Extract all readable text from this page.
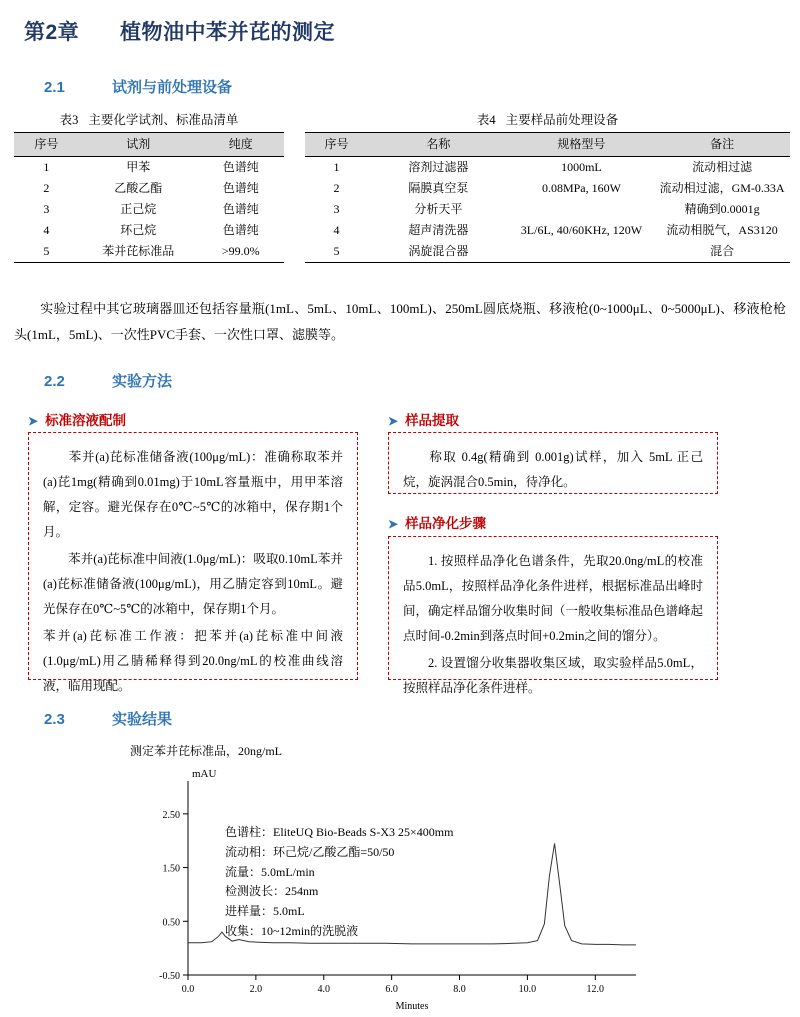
第2章 植物油中苯并芘的测定
2.1	试剂与前处理设备
表3 主要化学试剂、标准品清单
序号	试剂	纯度
1	甲苯	色谱纯
2	乙酸乙酯	色谱纯
3	正己烷	色谱纯
4	环己烷	色谱纯
5	苯并芘标准品	>99.0%
表4 主要样品前处理设备
序号	名称	规格型号	备注
1	溶剂过滤器	1000mL	流动相过滤
2	隔膜真空泵	0.08MPa, 160W	流动相过滤，GM-0.33A
3	分析天平		精确到0.0001g
4	超声清洗器	3L/6L, 40/60KHz, 120W	流动相脱气，AS3120
5	涡旋混合器		混合
实验过程中其它玻璃器皿还包括容量瓶(1mL、5mL、10mL、100mL)、250mL圆底烧瓶、移液枪(0~1000μL、0~5000μL)、移液枪枪头(1mL，5mL)、一次性PVC手套、一次性口罩、滤膜等。
2.2	实验方法
➤ 标准溶液配制

苯并(a)芘标准储备液(100μg/mL)：准确称取苯并(a)芘1mg(精确到0.01mg)于10mL容量瓶中，用甲苯溶解，定容。避光保存在0℃~5℃的冰箱中，保存期1个月。

苯并(a)芘标准中间液(1.0μg/mL)：吸取0.10mL苯并(a)芘标准储备液(100μg/mL)，用乙腈定容到10mL。避光保存在0℃~5℃的冰箱中，保存期1个月。

苯并(a)芘标准工作液：把苯并(a)芘标准中间液(1.0μg/mL)用乙腈稀释得到20.0ng/mL的校准曲线溶液，临用现配。

➤ 样品提取

称取 0.4g(精确到 0.001g)试样，加入 5mL 正己烷，旋涡混合0.5min，待净化。

➤ 样品净化步骤

1. 按照样品净化色谱条件，先取20.0ng/mL的校准品5.0mL，按照样品净化条件进样，根据标准品出峰时间，确定样品馏分收集时间（一般收集标准品色谱峰起点时间-0.2min到落点时间+0.2min之间的馏分）。

2. 设置馏分收集器收集区域，取实验样品5.0mL，按照样品净化条件进样。

2.3	实验结果
测定苯并芘标准品，20ng/mL
2.50
1.50
0.50
-0.50
0.0	2.0	4.0	6.0	8.0	10.0	12.0
mAU
Minutes
色谱柱：EliteUQ Bio-Beads S-X3 25×400mm
流动相：环己烷/乙酸乙酯=50/50
流量：5.0mL/min
检测波长：254nm
进样量：5.0mL
收集：10~12min的洗脱液
